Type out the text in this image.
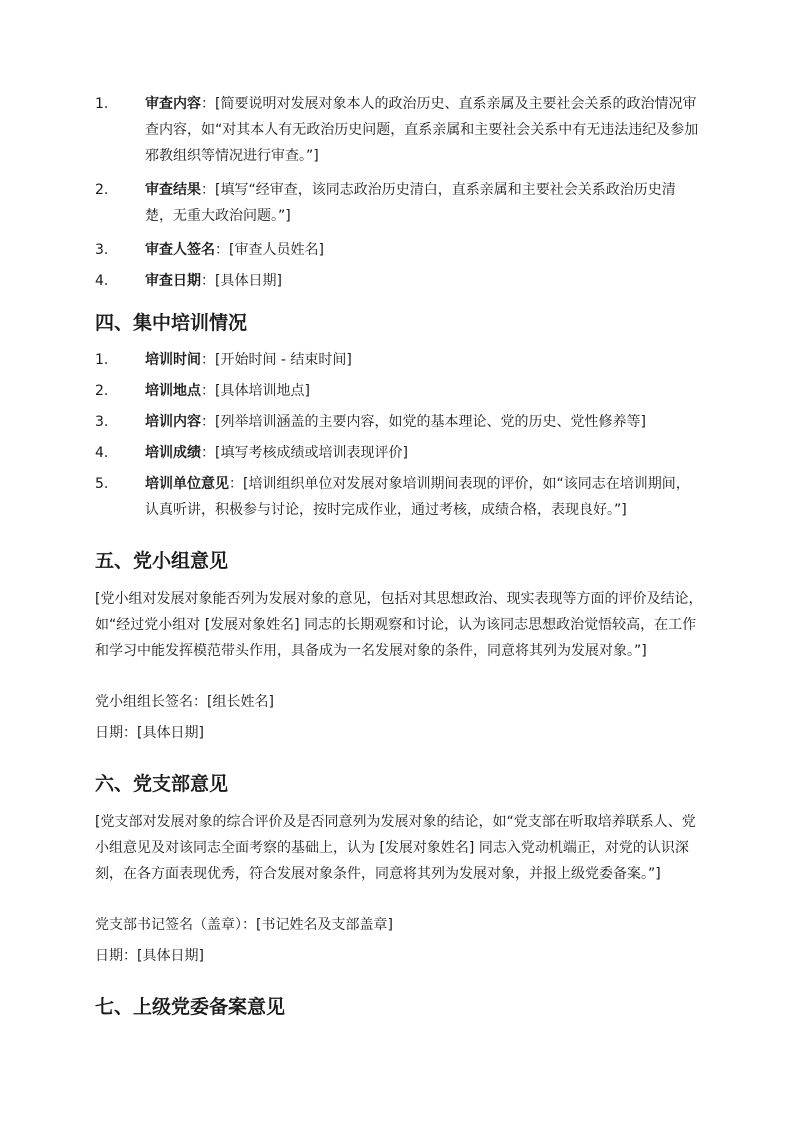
1.	审查内容：[简要说明对发展对象本人的政治历史、直系亲属及主要社会关系的政治情况审查内容，如“对其本人有无政治历史问题，直系亲属和主要社会关系中有无违法违纪及参加邪教组织等情况进行审查。”]
2.	审查结果：[填写“经审查，该同志政治历史清白，直系亲属和主要社会关系政治历史清楚，无重大政治问题。”]
3.	审查人签名：[审查人员姓名]
4.	审查日期：[具体日期]
四、集中培训情况
1.	培训时间：[开始时间 - 结束时间]
2.	培训地点：[具体培训地点]
3.	培训内容：[列举培训涵盖的主要内容，如党的基本理论、党的历史、党性修养等]
4.	培训成绩：[填写考核成绩或培训表现评价]
5.	培训单位意见：[培训组织单位对发展对象培训期间表现的评价，如“该同志在培训期间，认真听讲，积极参与讨论，按时完成作业，通过考核，成绩合格，表现良好。”]
五、党小组意见

[党小组对发展对象能否列为发展对象的意见，包括对其思想政治、现实表现等方面的评价及结论，如“经过党小组对 [发展对象姓名] 同志的长期观察和讨论，认为该同志思想政治觉悟较高，在工作和学习中能发挥模范带头作用，具备成为一名发展对象的条件，同意将其列为发展对象。”]

党小组组长签名：[组长姓名]

日期：[具体日期]

六、党支部意见

[党支部对发展对象的综合评价及是否同意列为发展对象的结论，如“党支部在听取培养联系人、党小组意见及对该同志全面考察的基础上，认为 [发展对象姓名] 同志入党动机端正，对党的认识深刻，在各方面表现优秀，符合发展对象条件，同意将其列为发展对象，并报上级党委备案。”]

党支部书记签名（盖章）：[书记姓名及支部盖章]

日期：[具体日期]

七、上级党委备案意见
